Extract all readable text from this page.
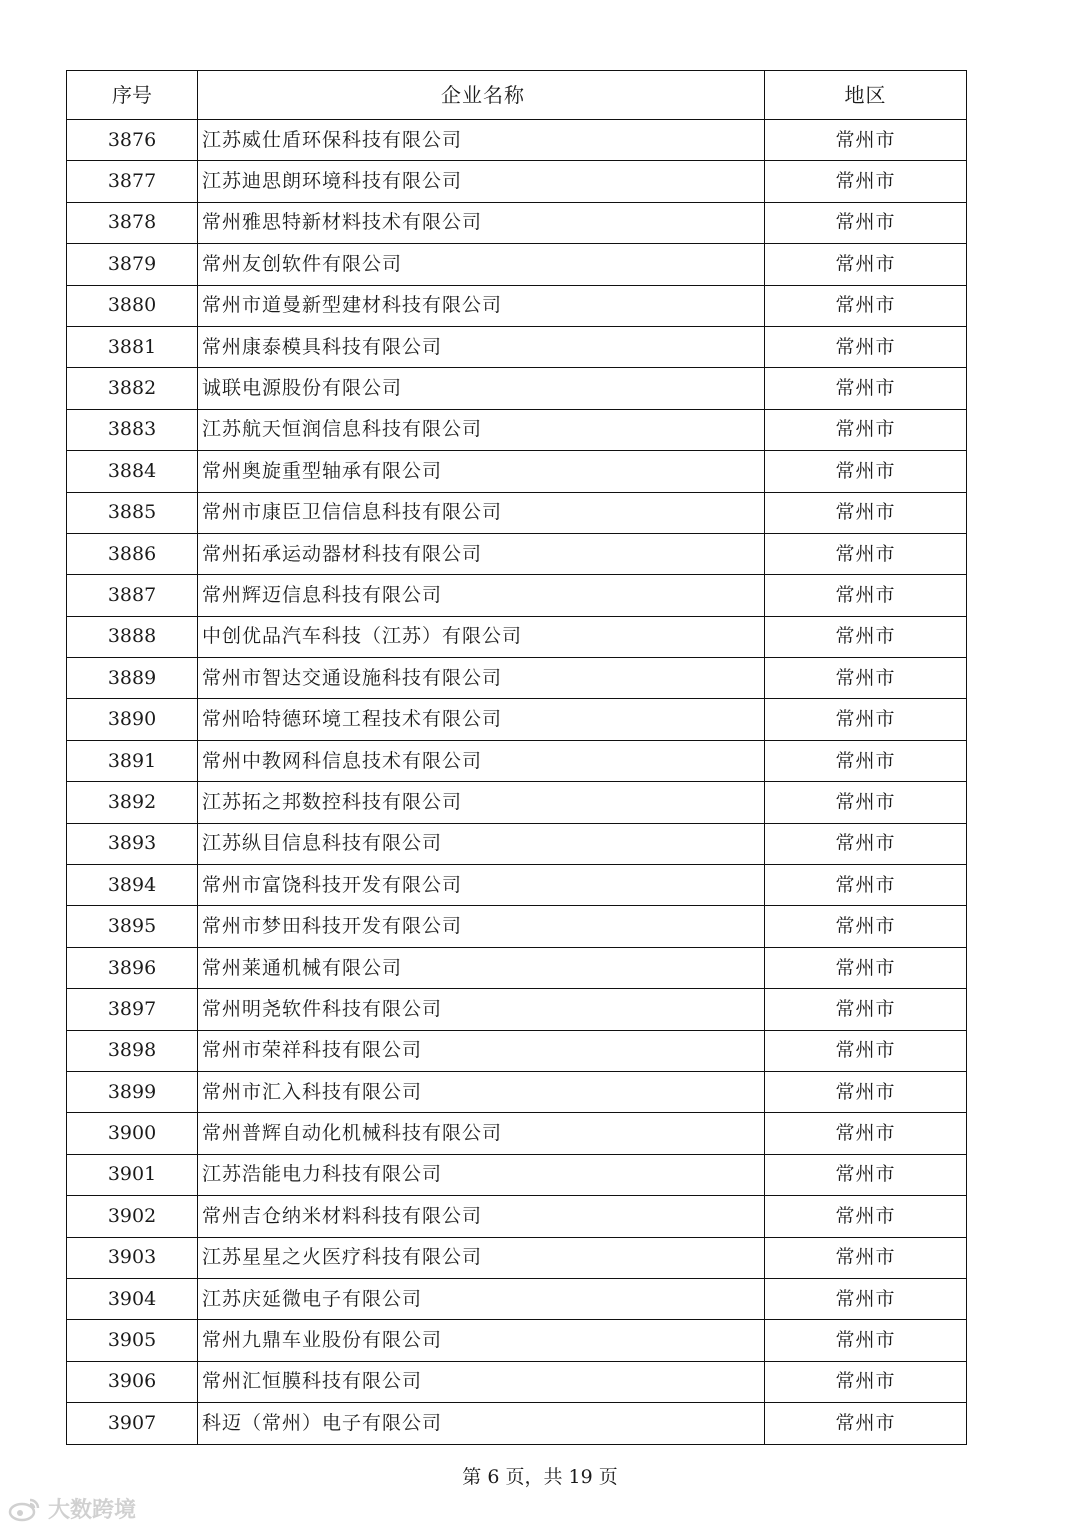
序号	企业名称	地区
3876	江苏威仕盾环保科技有限公司	常州市
3877	江苏迪思朗环境科技有限公司	常州市
3878	常州雅思特新材料技术有限公司	常州市
3879	常州友创软件有限公司	常州市
3880	常州市道曼新型建材科技有限公司	常州市
3881	常州康泰模具科技有限公司	常州市
3882	诚联电源股份有限公司	常州市
3883	江苏航天恒润信息科技有限公司	常州市
3884	常州奥旋重型轴承有限公司	常州市
3885	常州市康臣卫信信息科技有限公司	常州市
3886	常州拓承运动器材科技有限公司	常州市
3887	常州辉迈信息科技有限公司	常州市
3888	中创优品汽车科技（江苏）有限公司	常州市
3889	常州市智达交通设施科技有限公司	常州市
3890	常州哈特德环境工程技术有限公司	常州市
3891	常州中教网科信息技术有限公司	常州市
3892	江苏拓之邦数控科技有限公司	常州市
3893	江苏纵目信息科技有限公司	常州市
3894	常州市富饶科技开发有限公司	常州市
3895	常州市梦田科技开发有限公司	常州市
3896	常州莱通机械有限公司	常州市
3897	常州明尧软件科技有限公司	常州市
3898	常州市荣祥科技有限公司	常州市
3899	常州市汇入科技有限公司	常州市
3900	常州普辉自动化机械科技有限公司	常州市
3901	江苏浩能电力科技有限公司	常州市
3902	常州吉仓纳米材料科技有限公司	常州市
3903	江苏星星之火医疗科技有限公司	常州市
3904	江苏庆延微电子有限公司	常州市
3905	常州九鼎车业股份有限公司	常州市
3906	常州汇恒膜科技有限公司	常州市
3907	科迈（常州）电子有限公司	常州市
第 6 页，共 19 页
大数跨境
